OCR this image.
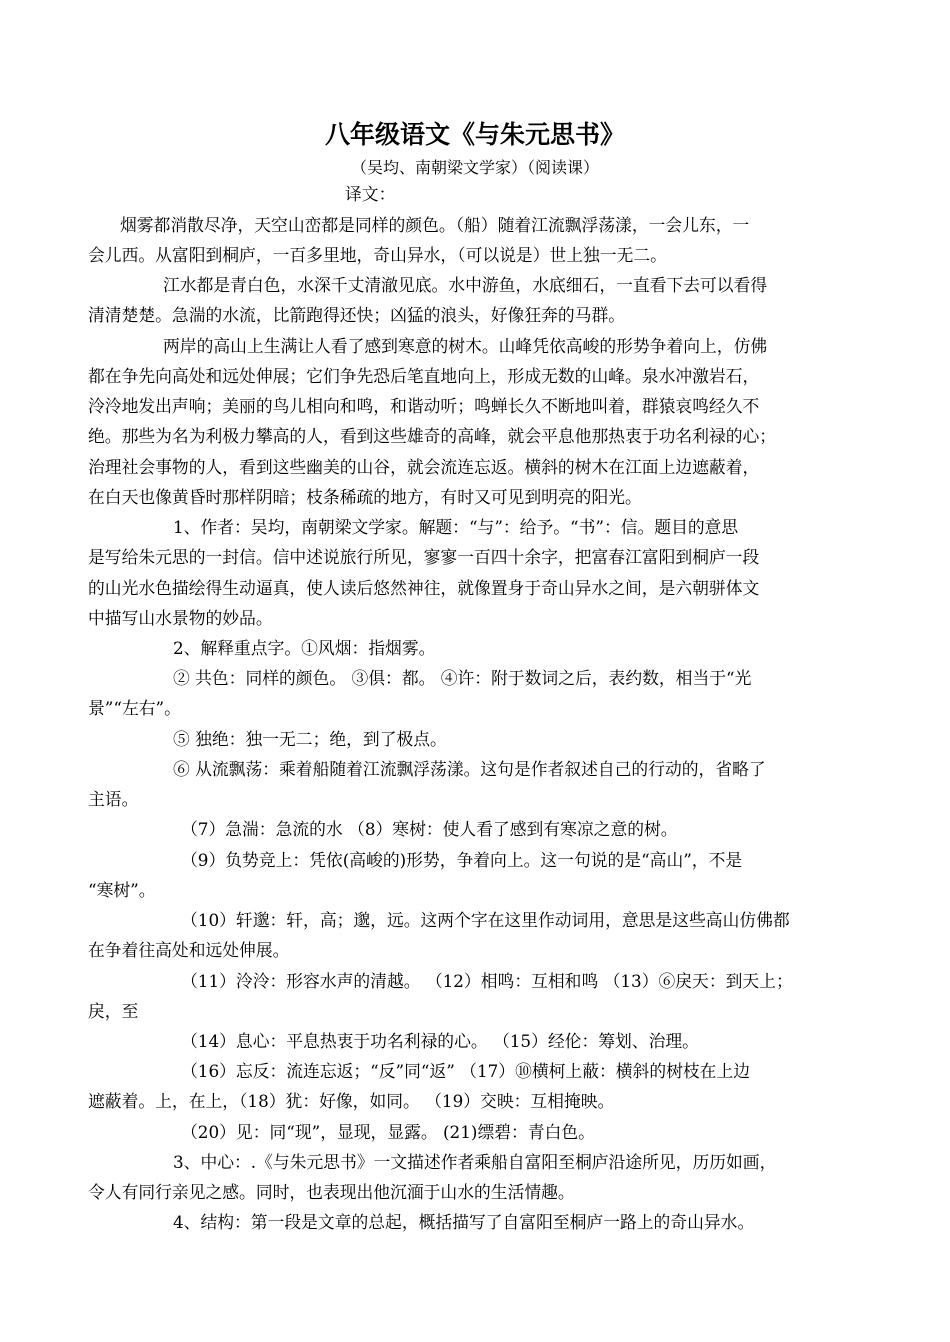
八年级语文《与朱元思书》
（吴均、南朝梁文学家）（阅读课）
译文：
烟雾都消散尽净，天空山峦都是同样的颜色。（船）随着江流飘浮荡漾，一会儿东，一
会儿西。从富阳到桐庐，一百多里地，奇山异水，（可以说是）世上独一无二。
江水都是青白色，水深千丈清澈见底。水中游鱼，水底细石，一直看下去可以看得
清清楚楚。急湍的水流，比箭跑得还快；凶猛的浪头，好像狂奔的马群。
两岸的高山上生满让人看了感到寒意的树木。山峰凭依高峻的形势争着向上，仿佛
都在争先向高处和远处伸展；它们争先恐后笔直地向上，形成无数的山峰。泉水冲激岩石，
泠泠地发出声响；美丽的鸟儿相向和鸣，和谐动听；鸣蝉长久不断地叫着，群猿哀鸣经久不
绝。那些为名为利极力攀高的人，看到这些雄奇的高峰，就会平息他那热衷于功名利禄的心；
治理社会事物的人，看到这些幽美的山谷，就会流连忘返。横斜的树木在江面上边遮蔽着，
在白天也像黄昏时那样阴暗；枝条稀疏的地方，有时又可见到明亮的阳光。
1、作者：吴均，南朝梁文学家。解题：“与”：给予。“书”：信。题目的意思
是写给朱元思的一封信。信中述说旅行所见，寥寥一百四十余字，把富春江富阳到桐庐一段
的山光水色描绘得生动逼真，使人读后悠然神往，就像置身于奇山异水之间，是六朝骈体文
中描写山水景物的妙品。
2、解释重点字。①风烟：指烟雾。
② 共色：同样的颜色。 ③俱：都。 ④许：附于数词之后，表约数，相当于“光
景”“左右”。
⑤ 独绝：独一无二；绝，到了极点。
⑥ 从流飘荡：乘着船随着江流飘浮荡漾。这句是作者叙述自己的行动的，省略了
主语。
（7）急湍：急流的水 （8）寒树：使人看了感到有寒凉之意的树。
（9）负势竞上：凭依(高峻的)形势，争着向上。这一句说的是“高山”，不是
“寒树”。
（10）轩邈：轩，高；邈，远。这两个字在这里作动词用，意思是这些高山仿佛都
在争着往高处和远处伸展。
（11）泠泠：形容水声的清越。 （12）相鸣：互相和鸣 （13）⑥戾天：到天上；
戾，至
（14）息心：平息热衷于功名利禄的心。 （15）经伦：筹划、治理。
（16）忘反：流连忘返；“反”同“返” （17）⑩横柯上蔽：横斜的树枝在上边
遮蔽着。上，在上，（18）犹：好像，如同。 （19）交映：互相掩映。
（20）见：同“现”，显现，显露。 (21)缥碧：青白色。
3、中心：.《与朱元思书》一文描述作者乘船自富阳至桐庐沿途所见，历历如画，
令人有同行亲见之感。同时，也表现出他沉湎于山水的生活情趣。
4、结构：第一段是文章的总起，概括描写了自富阳至桐庐一路上的奇山异水。
